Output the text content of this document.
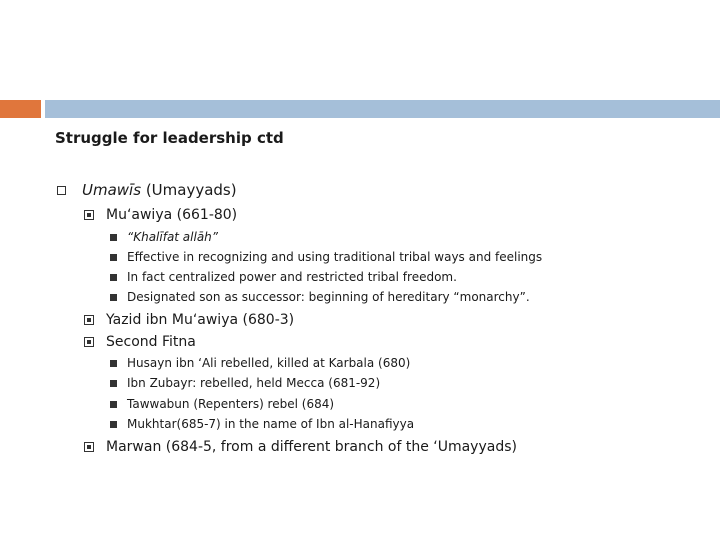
Struggle for leadership ctd
Umawīs (Umayyads)
Mu‘awiya (661-80)
“Khalīfat allāh”
Effective in recognizing and using traditional tribal ways and feelings
In fact centralized power and restricted tribal freedom.
Designated son as successor: beginning of hereditary “monarchy”.
Yazid ibn Mu‘awiya (680-3)
Second Fitna
Husayn ibn ‘Ali rebelled, killed at Karbala (680)
Ibn Zubayr: rebelled, held Mecca (681-92)
Tawwabun (Repenters) rebel (684)
Mukhtar(685-7) in the name of Ibn al-Hanafiyya
Marwan (684-5, from a different branch of the ‘Umayyads)
